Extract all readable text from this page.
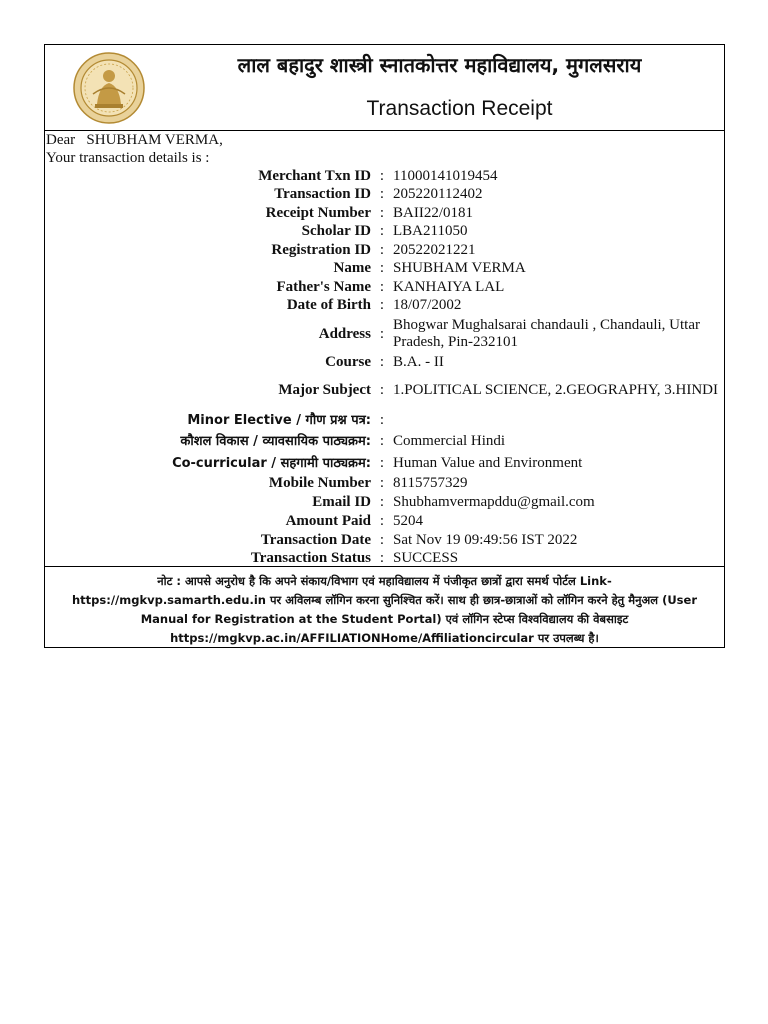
लाल बहादुर शास्त्री स्नातकोत्तर महाविद्यालय, मुगलसराय
Transaction Receipt
Dear SHUBHAM VERMA,
Your transaction details is :
Merchant Txn ID	:	11000141019454
Transaction ID	:	205220112402
Receipt Number	:	BAII22/0181
Scholar ID	:	LBA211050
Registration ID	:	20522021221
Name	:	SHUBHAM VERMA
Father's Name	:	KANHAIYA LAL
Date of Birth	:	18/07/2002
Address	:	Bhogwar Mughalsarai chandauli , Chandauli, Uttar Pradesh, Pin-232101
Course	:	B.A. - II
Major Subject	:	1.POLITICAL SCIENCE, 2.GEOGRAPHY, 3.HINDI
Minor Elective / गौण प्रश्न पत्र:	:	
कौशल विकास / व्यावसायिक पाठ्यक्रम:	:	Commercial Hindi
Co-curricular / सहगामी पाठ्यक्रम:	:	Human Value and Environment
Mobile Number	:	8115757329
Email ID	:	Shubhamvermapddu@gmail.com
Amount Paid	:	5204
Transaction Date	:	Sat Nov 19 09:49:56 IST 2022
Transaction Status	:	SUCCESS
नोट : आपसे अनुरोध है कि अपने संकाय/विभाग एवं महाविद्यालय में पंजीकृत छात्रों द्वारा समर्थ पोर्टल Link- https://mgkvp.samarth.edu.in पर अविलम्ब लॉगिन करना सुनिश्चित करें। साथ ही छात्र-छात्राओं को लॉगिन करने हेतु मैनुअल (User Manual for Registration at the Student Portal) एवं लॉगिन स्टेप्स विश्वविद्यालय की वेबसाइट https://mgkvp.ac.in/AFFILIATIONHome/Affiliationcircular पर उपलब्ध है।
